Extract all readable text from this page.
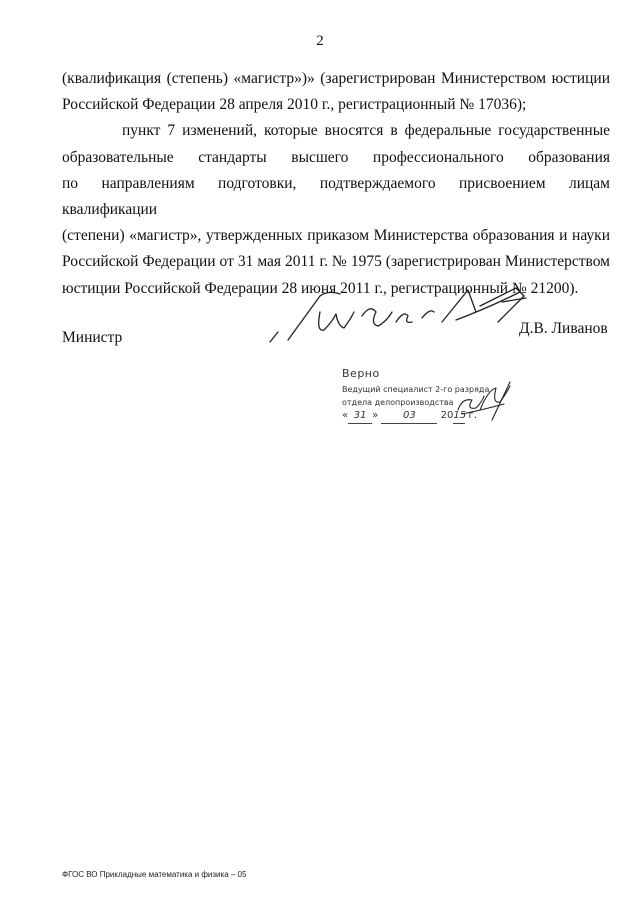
2
(квалификация (степень) «магистр»)» (зарегистрирован Министерством юстиции
Российской Федерации 28 апреля 2010 г., регистрационный № 17036);
пункт 7 изменений, которые вносятся в федеральные государственные
образовательные стандарты высшего профессионального образования
по направлениям подготовки, подтверждаемого присвоением лицам квалификации
(степени) «магистр», утвержденных приказом Министерства образования и науки
Российской Федерации от 31 мая 2011 г. № 1975 (зарегистрирован Министерством
юстиции Российской Федерации 28 июня 2011 г., регистрационный № 21200).
Министр
Д.В. Ливанов
Верно
Ведущий специалист 2-го разряда
отдела делопроизводства
« 31 » 03 2015 г.
ФГОС ВО Прикладные математика и физика – 05
